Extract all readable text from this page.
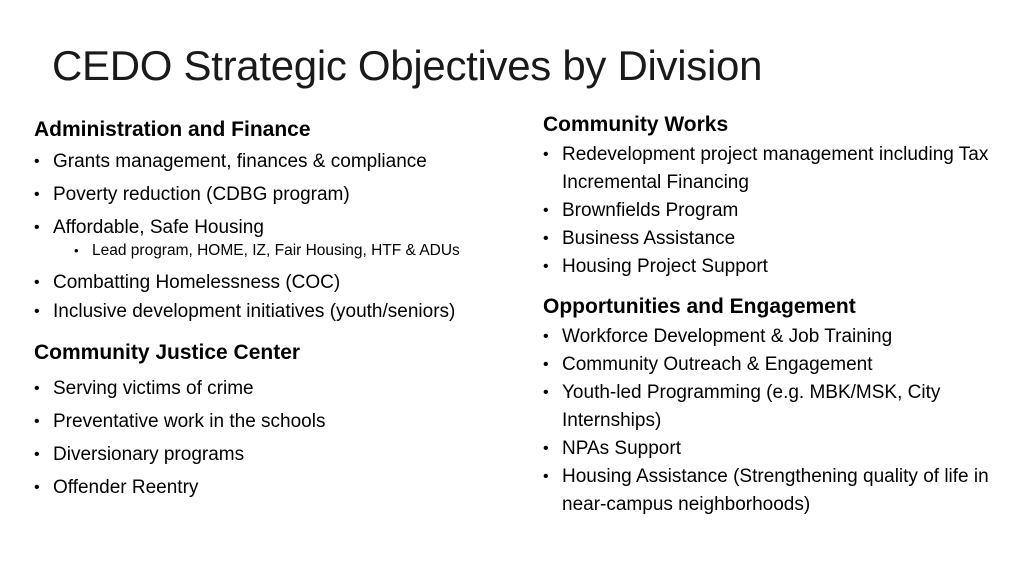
CEDO Strategic Objectives by Division
Administration and Finance
• Grants management, finances & compliance
• Poverty reduction (CDBG program)
• Affordable, Safe Housing
• Lead program, HOME, IZ, Fair Housing, HTF & ADUs
• Combatting Homelessness (COC)
• Inclusive development initiatives (youth/seniors)
Community Justice Center
• Serving victims of crime
• Preventative work in the schools
• Diversionary programs
• Offender Reentry
Community Works
• Redevelopment project management including Tax Incremental Financing
• Brownfields Program
• Business Assistance
• Housing Project Support
Opportunities and Engagement
• Workforce Development & Job Training
• Community Outreach & Engagement
• Youth-led Programming (e.g. MBK/MSK, City Internships)
• NPAs Support
• Housing Assistance (Strengthening quality of life in near-campus neighborhoods)
